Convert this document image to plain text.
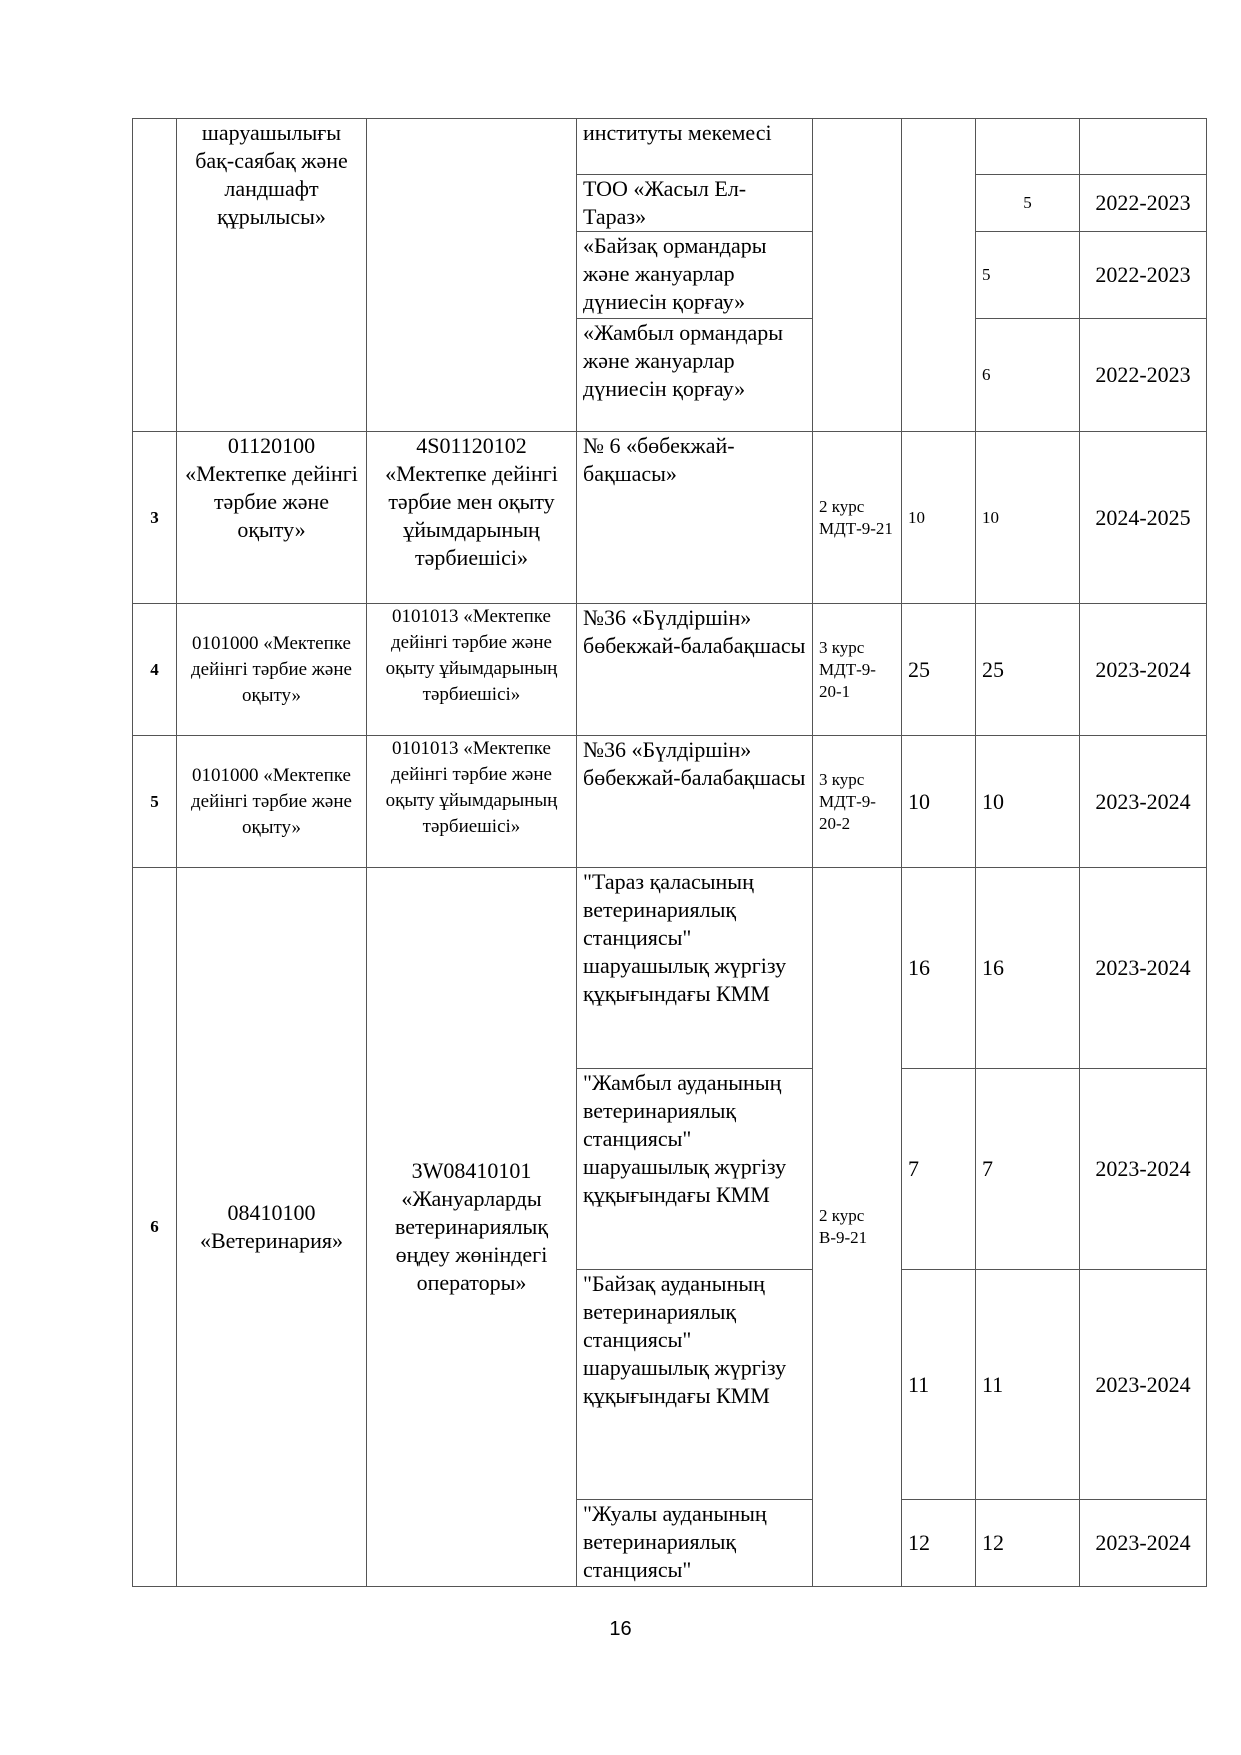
	шаруашылығы бақ-саябақ және ландшафт құрылысы»		институты мекемесі				
			ТОО «Жасыл Ел-Тараз»			5	2022-2023
			«Байзақ ормандары және жануарлар дүниесін қорғау»			5	2022-2023
			«Жамбыл ормандары және жануарлар дүниесін қорғау»			6	2022-2023
3	01120100 «Мектепке дейінгі тәрбие және оқыту»	4S01120102 «Мектепке дейінгі тәрбие мен оқыту ұйымдарының тәрбиешісі»	№ 6 «бөбекжай-бақшасы»	2 курс МДТ-9-21	10	10	2024-2025
4	0101000 «Мектепке дейінгі тәрбие және оқыту»	0101013 «Мектепке дейінгі тәрбие және оқыту ұйымдарының тәрбиешісі»	№36 «Бүлдіршін» бөбекжай-балабақшасы	3 курс МДТ-9-20-1	25	25	2023-2024
5	0101000 «Мектепке дейінгі тәрбие және оқыту»	0101013 «Мектепке дейінгі тәрбие және оқыту ұйымдарының тәрбиешісі»	№36 «Бүлдіршін» бөбекжай-балабақшасы	3 курс МДТ-9-20-2	10	10	2023-2024
6	08410100 «Ветеринария»	3W08410101 «Жануарларды ветеринариялық өңдеу жөніндегі операторы»	"Тараз қаласының ветеринариялық станциясы" шаруашылық жүргізу құқығындағы КММ	2 курс В-9-21	16	16	2023-2024
			"Жамбыл ауданының ветеринариялық станциясы" шаруашылық жүргізу құқығындағы КММ		7	7	2023-2024
			"Байзақ ауданының ветеринариялық станциясы" шаруашылық жүргізу құқығындағы КММ		11	11	2023-2024
			"Жуалы ауданының ветеринариялық станциясы"		12	12	2023-2024
16
